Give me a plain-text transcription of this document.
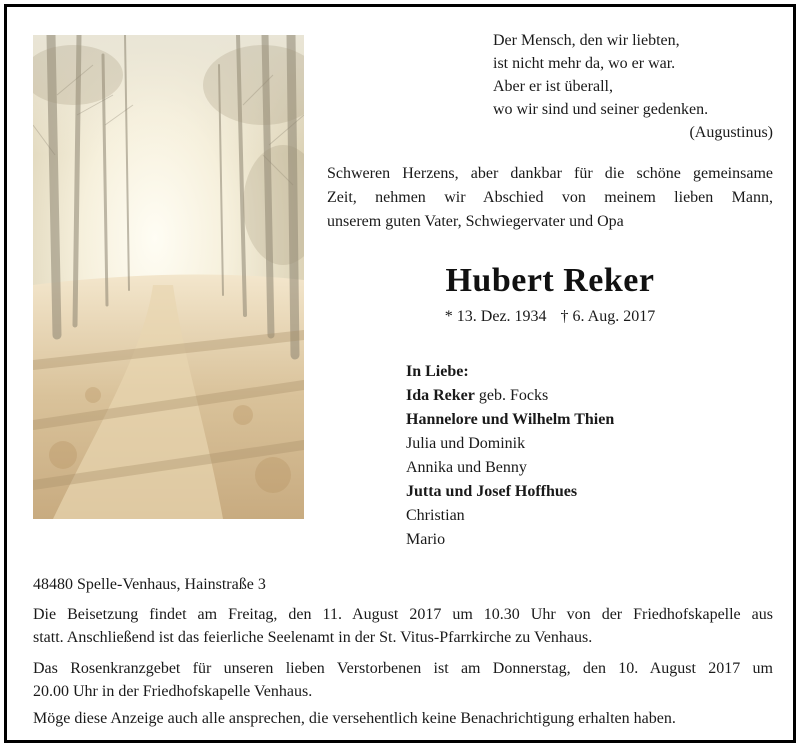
Der Mensch, den wir liebten,
ist nicht mehr da, wo er war.
Aber er ist überall,
wo wir sind und seiner gedenken.
(Augustinus)
Schweren Herzens, aber dankbar für die schöne gemeinsame
Zeit, nehmen wir Abschied von meinem lieben Mann,
unserem guten Vater, Schwiegervater und Opa
Hubert Reker
* 13. Dez. 1934 † 6. Aug. 2017
In Liebe:
Ida Reker geb. Focks
Hannelore und Wilhelm Thien
Julia und Dominik
Annika und Benny
Jutta und Josef Hoffhues
Christian
Mario
48480 Spelle-Venhaus, Hainstraße 3
Die Beisetzung findet am Freitag, den 11. August 2017 um 10.30 Uhr von der Friedhofskapelle aus
statt. Anschließend ist das feierliche Seelenamt in der St. Vitus-Pfarrkirche zu Venhaus.
Das Rosenkranzgebet für unseren lieben Verstorbenen ist am Donnerstag, den 10. August 2017 um
20.00 Uhr in der Friedhofskapelle Venhaus.
Möge diese Anzeige auch alle ansprechen, die versehentlich keine Benachrichtigung erhalten haben.
